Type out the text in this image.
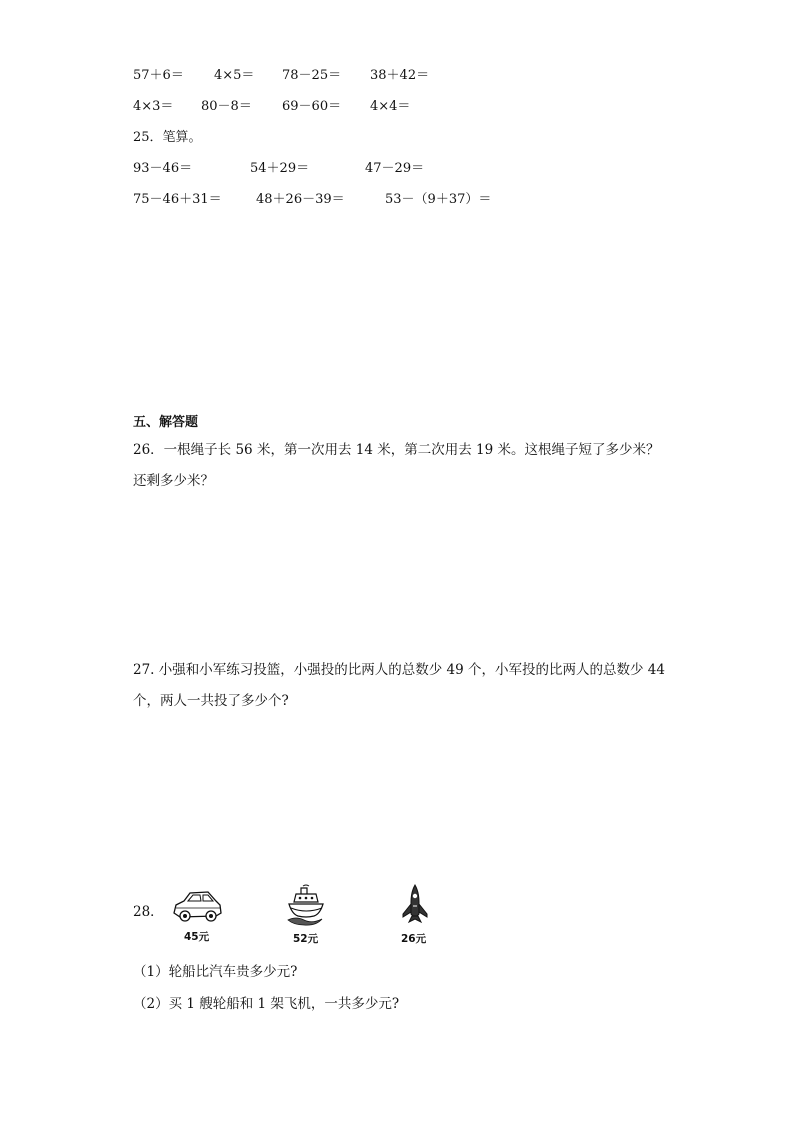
57＋6＝ 4×5＝ 78－25＝ 38＋42＝
4×3＝ 80－8＝ 69－60＝ 4×4＝
25．笔算。
93－46＝	54＋29＝	47－29＝
75－46＋31＝	48＋26－39＝	53－（9＋37）＝
五、解答题
26．一根绳子长 56 米，第一次用去 14 米，第二次用去 19 米。这根绳子短了多少米？
还剩多少米？
27. 小强和小军练习投篮，小强投的比两人的总数少 49 个，小军投的比两人的总数少 44
个，两人一共投了多少个?
28．
45元	52元	26元
（1）轮船比汽车贵多少元?
（2）买 1 艘轮船和 1 架飞机，一共多少元?
